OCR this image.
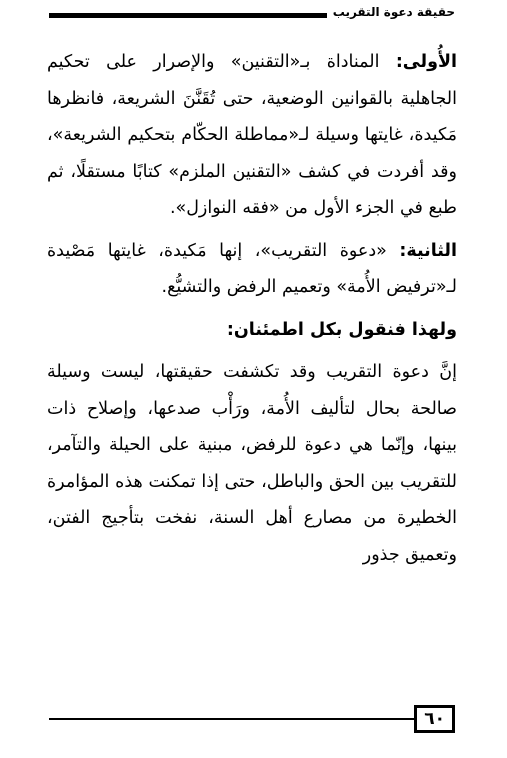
حقيقة دعوة التقريب

الأُولى: المناداة بـ«التقنين» والإصرار على تحكيم الجاهلية بالقوانين الوضعية، حتى تُقَنَّنَ الشريعة، فانظرها مَكيدة، غايتها وسيلة لـ«مماطلة الحكّام بتحكيم الشريعة»، وقد أفردت في كشف «التقنين الملزم» كتابًا مستقلًا، ثم طبع في الجزء الأول من «فقه النوازل».

الثانية: «دعوة التقريب»، إنها مَكيدة، غايتها مَصْيدة لـ«ترفيض الأُمة» وتعميم الرفض والتشيُّع.

ولهذا فنقول بكل اطمئنان:

إنَّ دعوة التقريب وقد تكشفت حقيقتها، ليست وسيلة صالحة بحال لتأليف الأُمة، ورَأْب صدعها، وإصلاح ذات بينها، وإنّما هي دعوة للرفض، مبنية على الحيلة والتآمر، للتقريب بين الحق والباطل، حتى إذا تمكنت هذه المؤامرة الخطيرة من مصارع أهل السنة، نفخت بتأجيج الفتن، وتعميق جذور

٦٠
